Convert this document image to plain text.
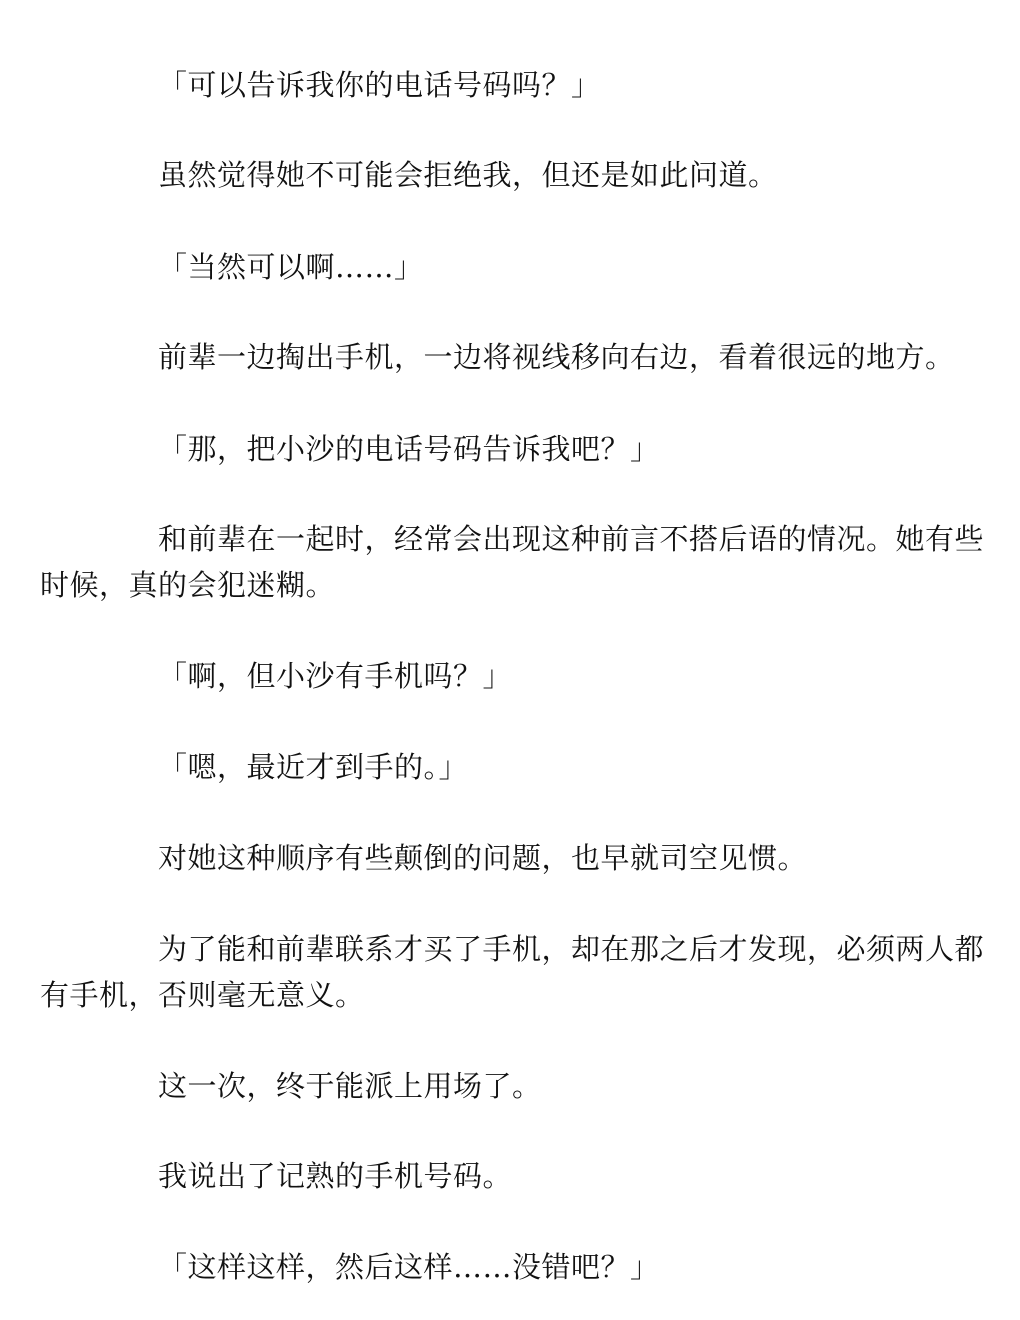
「可以告诉我你的电话号码吗？」

虽然觉得她不可能会拒绝我，但还是如此问道。

「当然可以啊……」

前辈一边掏出手机，一边将视线移向右边，看着很远的地方。

「那，把小沙的电话号码告诉我吧？」

和前辈在一起时，经常会出现这种前言不搭后语的情况。她有些时候，真的会犯迷糊。

「啊，但小沙有手机吗？」

「嗯，最近才到手的。」

对她这种顺序有些颠倒的问题，也早就司空见惯。

为了能和前辈联系才买了手机，却在那之后才发现，必须两人都有手机，否则毫无意义。

这一次，终于能派上用场了。

我说出了记熟的手机号码。

「这样这样，然后这样……没错吧？」
